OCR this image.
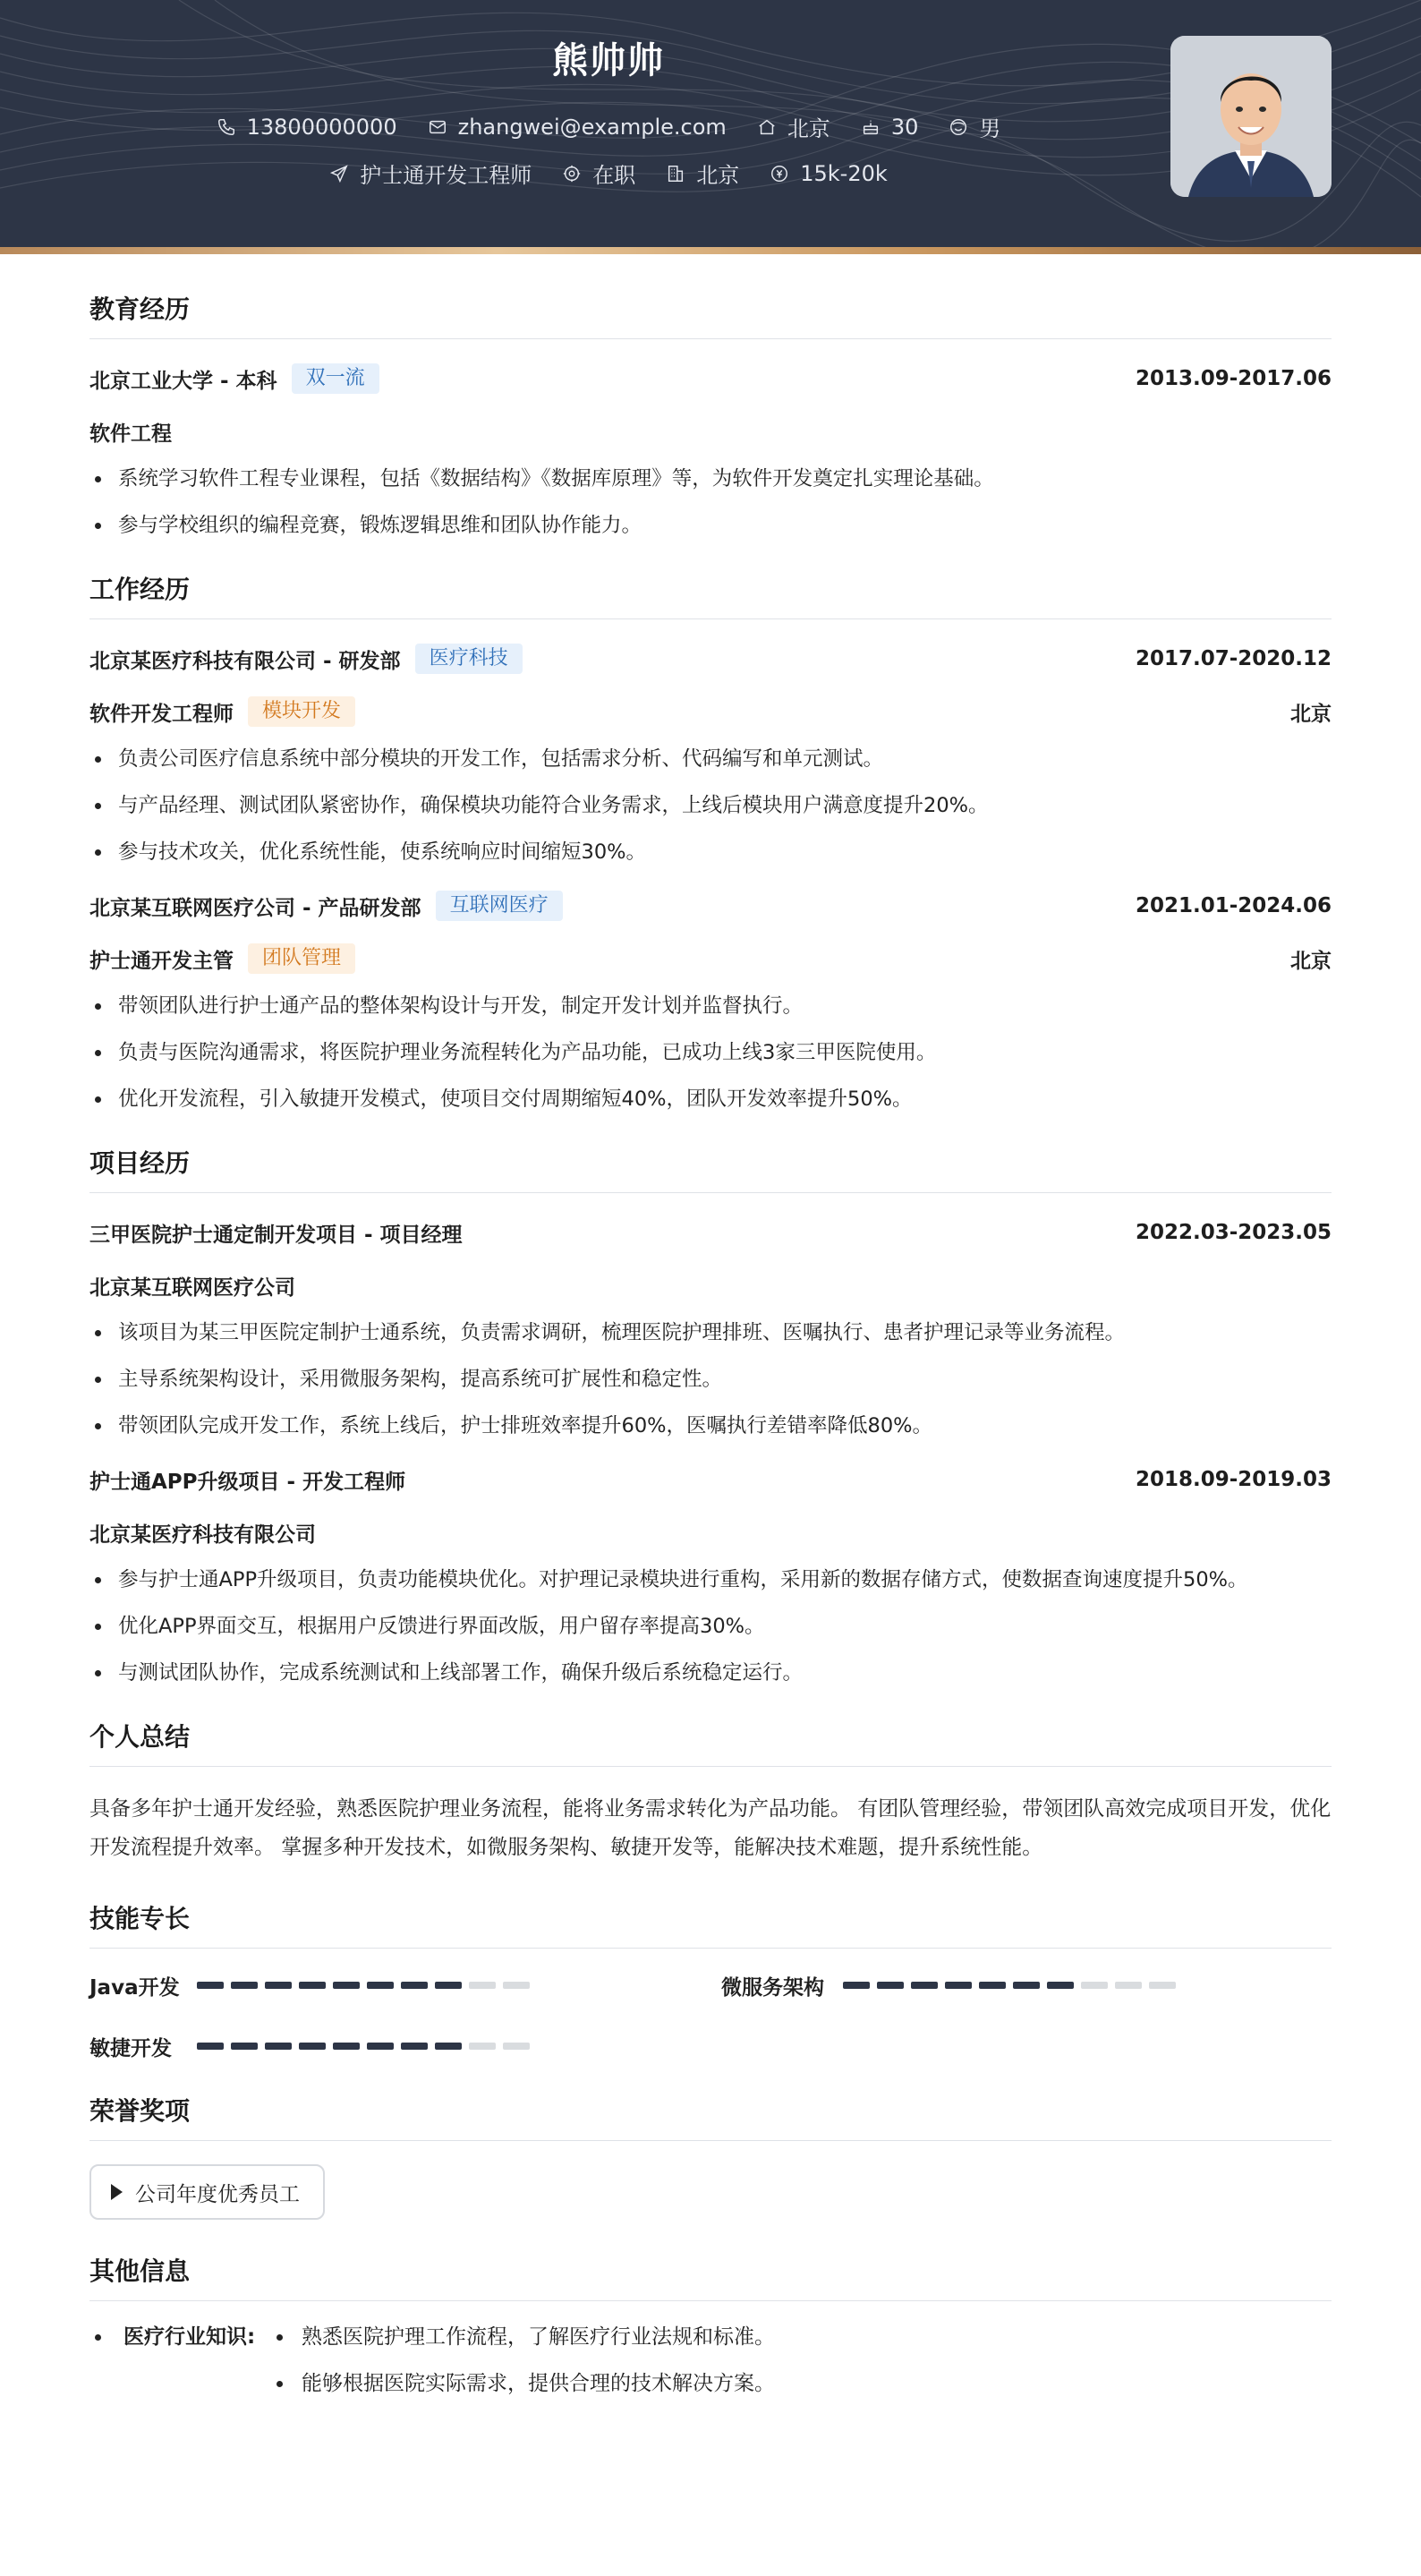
熊帅帅
13800000000	zhangwei@example.com	北京	30	男
护士通开发工程师	在职	北京	15k-20k
教育经历
北京工业大学 - 本科	双一流	2013.09-2017.06
软件工程
系统学习软件工程专业课程，包括《数据结构》《数据库原理》等，为软件开发奠定扎实理论基础。
参与学校组织的编程竞赛，锻炼逻辑思维和团队协作能力。
工作经历
北京某医疗科技有限公司 - 研发部	医疗科技	2017.07-2020.12
软件开发工程师	模块开发	北京
负责公司医疗信息系统中部分模块的开发工作，包括需求分析、代码编写和单元测试。
与产品经理、测试团队紧密协作，确保模块功能符合业务需求，上线后模块用户满意度提升20%。
参与技术攻关，优化系统性能，使系统响应时间缩短30%。
北京某互联网医疗公司 - 产品研发部	互联网医疗	2021.01-2024.06
护士通开发主管	团队管理	北京
带领团队进行护士通产品的整体架构设计与开发，制定开发计划并监督执行。
负责与医院沟通需求，将医院护理业务流程转化为产品功能，已成功上线3家三甲医院使用。
优化开发流程，引入敏捷开发模式，使项目交付周期缩短40%，团队开发效率提升50%。
项目经历
三甲医院护士通定制开发项目 - 项目经理	2022.03-2023.05
北京某互联网医疗公司
该项目为某三甲医院定制护士通系统，负责需求调研，梳理医院护理排班、医嘱执行、患者护理记录等业务流程。
主导系统架构设计，采用微服务架构，提高系统可扩展性和稳定性。
带领团队完成开发工作，系统上线后，护士排班效率提升60%，医嘱执行差错率降低80%。
护士通APP升级项目 - 开发工程师	2018.09-2019.03
北京某医疗科技有限公司
参与护士通APP升级项目，负责功能模块优化。对护理记录模块进行重构，采用新的数据存储方式，使数据查询速度提升50%。
优化APP界面交互，根据用户反馈进行界面改版，用户留存率提高30%。
与测试团队协作，完成系统测试和上线部署工作，确保升级后系统稳定运行。
个人总结
具备多年护士通开发经验，熟悉医院护理业务流程，能将业务需求转化为产品功能。 有团队管理经验，带领团队高效完成项目开发，优化开发流程提升效率。 掌握多种开发技术，如微服务架构、敏捷开发等，能解决技术难题，提升系统性能。
技能专长
Java开发	微服务架构
敏捷开发
荣誉奖项
公司年度优秀员工
其他信息
医疗行业知识:	熟悉医院护理工作流程，了解医疗行业法规和标准。
能够根据医院实际需求，提供合理的技术解决方案。
